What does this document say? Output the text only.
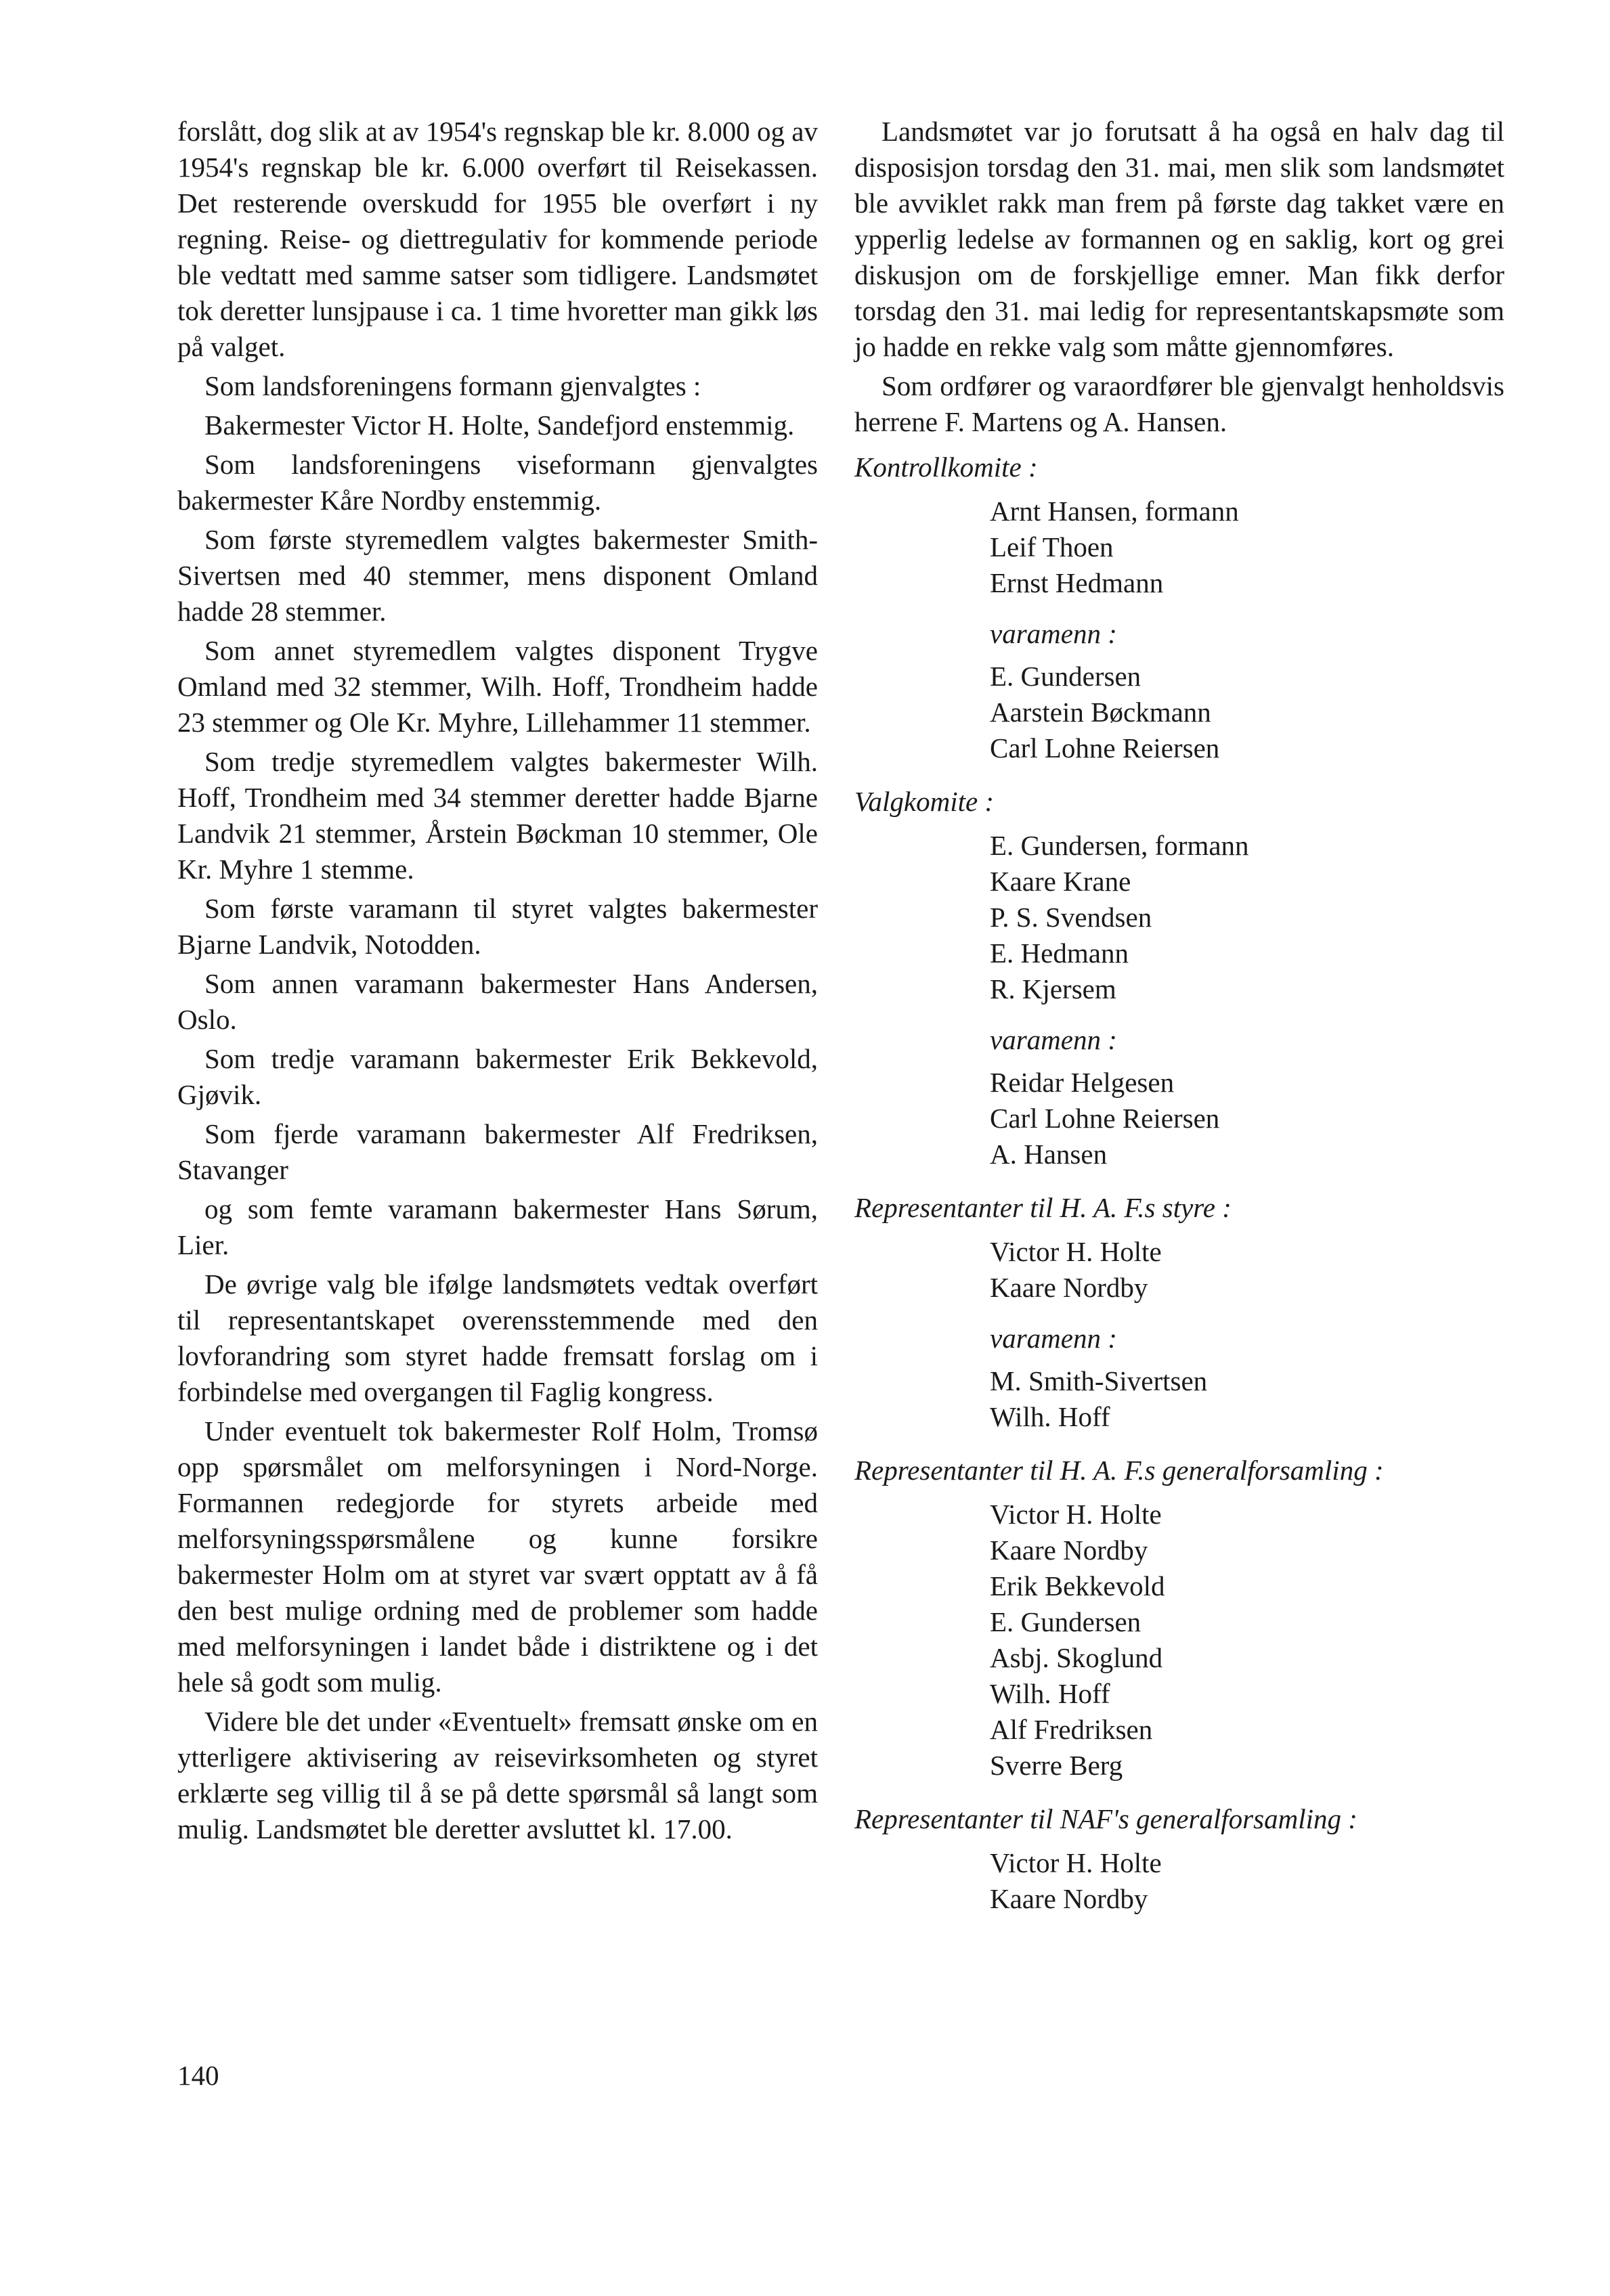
forslått, dog slik at av 1954's regnskap ble kr. 8.000 og av 1954's regnskap ble kr. 6.000 overført til Reisekassen. Det resterende overskudd for 1955 ble overført i ny regning. Reise- og diettregulativ for kommende periode ble vedtatt med samme satser som tidligere. Landsmøtet tok deretter lunsjpause i ca. 1 time hvoretter man gikk løs på valget.

Som landsforeningens formann gjenvalgtes :

Bakermester Victor H. Holte, Sandefjord enstemmig.

Som landsforeningens viseformann gjenvalgtes bakermester Kåre Nordby enstemmig.

Som første styremedlem valgtes bakermester Smith-Sivertsen med 40 stemmer, mens disponent Omland hadde 28 stemmer.

Som annet styremedlem valgtes disponent Trygve Omland med 32 stemmer, Wilh. Hoff, Trondheim hadde 23 stemmer og Ole Kr. Myhre, Lillehammer 11 stemmer.

Som tredje styremedlem valgtes bakermester Wilh. Hoff, Trondheim med 34 stemmer deretter hadde Bjarne Landvik 21 stemmer, Årstein Bøckman 10 stemmer, Ole Kr. Myhre 1 stemme.

Som første varamann til styret valgtes bakermester Bjarne Landvik, Notodden.

Som annen varamann bakermester Hans Andersen, Oslo.

Som tredje varamann bakermester Erik Bekkevold, Gjøvik.

Som fjerde varamann bakermester Alf Fredriksen, Stavanger

og som femte varamann bakermester Hans Sørum, Lier.

De øvrige valg ble ifølge landsmøtets vedtak overført til representantskapet overensstemmende med den lovforandring som styret hadde fremsatt forslag om i forbindelse med overgangen til Faglig kongress.

Under eventuelt tok bakermester Rolf Holm, Tromsø opp spørsmålet om melforsyningen i Nord-Norge. Formannen redegjorde for styrets arbeide med melforsyningsspørsmålene og kunne forsikre bakermester Holm om at styret var svært opptatt av å få den best mulige ordning med de problemer som hadde med melforsyningen i landet både i distriktene og i det hele så godt som mulig.

Videre ble det under «Eventuelt» fremsatt ønske om en ytterligere aktivisering av reisevirksomheten og styret erklærte seg villig til å se på dette spørsmål så langt som mulig. Landsmøtet ble deretter avsluttet kl. 17.00.

Landsmøtet var jo forutsatt å ha også en halv dag til disposisjon torsdag den 31. mai, men slik som landsmøtet ble avviklet rakk man frem på første dag takket være en ypperlig ledelse av formannen og en saklig, kort og grei diskusjon om de forskjellige emner. Man fikk derfor torsdag den 31. mai ledig for representantskapsmøte som jo hadde en rekke valg som måtte gjennomføres.

Som ordfører og varaordfører ble gjenvalgt henholdsvis herrene F. Martens og A. Hansen.

Kontrollkomite :
Arnt Hansen, formann
Leif Thoen
Ernst Hedmann
varamenn :
E. Gundersen
Aarstein Bøckmann
Carl Lohne Reiersen
Valgkomite :
E. Gundersen, formann
Kaare Krane
P. S. Svendsen
E. Hedmann
R. Kjersem
varamenn :
Reidar Helgesen
Carl Lohne Reiersen
A. Hansen
Representanter til H. A. F.s styre :
Victor H. Holte
Kaare Nordby
varamenn :
M. Smith-Sivertsen
Wilh. Hoff
Representanter til H. A. F.s generalforsamling :
Victor H. Holte
Kaare Nordby
Erik Bekkevold
E. Gundersen
Asbj. Skoglund
Wilh. Hoff
Alf Fredriksen
Sverre Berg
Representanter til NAF's generalforsamling :
Victor H. Holte
Kaare Nordby
140
